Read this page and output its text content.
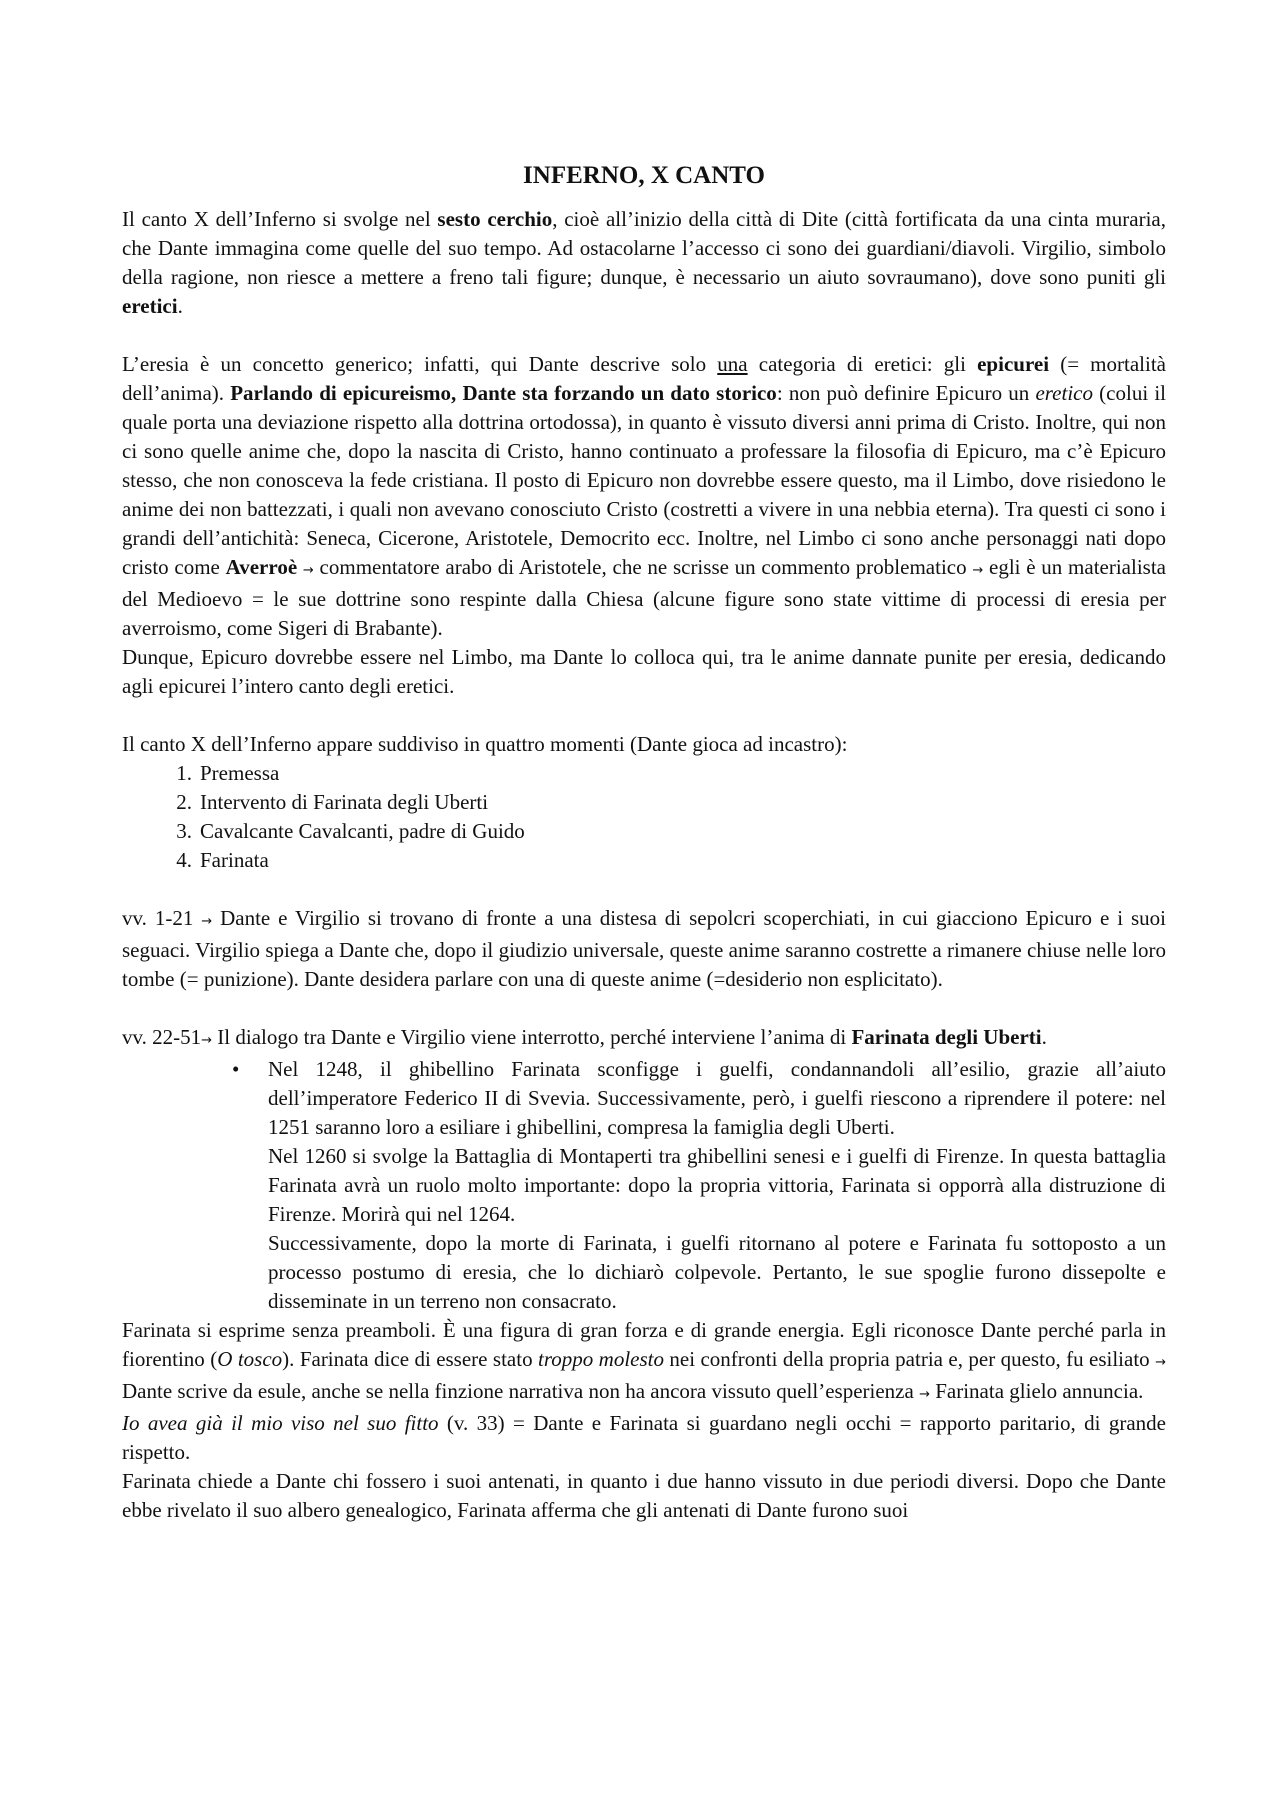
INFERNO, X CANTO

Il canto X dell’Inferno si svolge nel sesto cerchio, cioè all’inizio della città di Dite (città fortificata da una cinta muraria, che Dante immagina come quelle del suo tempo. Ad ostacolarne l’accesso ci sono dei guardiani/diavoli. Virgilio, simbolo della ragione, non riesce a mettere a freno tali figure; dunque, è necessario un aiuto sovraumano), dove sono puniti gli eretici.

L’eresia è un concetto generico; infatti, qui Dante descrive solo una categoria di eretici: gli epicurei (= mortalità dell’anima). Parlando di epicureismo, Dante sta forzando un dato storico: non può definire Epicuro un eretico (colui il quale porta una deviazione rispetto alla dottrina ortodossa), in quanto è vissuto diversi anni prima di Cristo. Inoltre, qui non ci sono quelle anime che, dopo la nascita di Cristo, hanno continuato a professare la filosofia di Epicuro, ma c’è Epicuro stesso, che non conosceva la fede cristiana. Il posto di Epicuro non dovrebbe essere questo, ma il Limbo, dove risiedono le anime dei non battezzati, i quali non avevano conosciuto Cristo (costretti a vivere in una nebbia eterna). Tra questi ci sono i grandi dell’antichità: Seneca, Cicerone, Aristotele, Democrito ecc. Inoltre, nel Limbo ci sono anche personaggi nati dopo cristo come Averroè → commentatore arabo di Aristotele, che ne scrisse un commento problematico → egli è un materialista del Medioevo = le sue dottrine sono respinte dalla Chiesa (alcune figure sono state vittime di processi di eresia per averroismo, come Sigeri di Brabante).

Dunque, Epicuro dovrebbe essere nel Limbo, ma Dante lo colloca qui, tra le anime dannate punite per eresia, dedicando agli epicurei l’intero canto degli eretici.

Il canto X dell’Inferno appare suddiviso in quattro momenti (Dante gioca ad incastro):

1. Premessa
2. Intervento di Farinata degli Uberti
3. Cavalcante Cavalcanti, padre di Guido
4. Farinata

vv. 1-21 → Dante e Virgilio si trovano di fronte a una distesa di sepolcri scoperchiati, in cui giacciono Epicuro e i suoi seguaci. Virgilio spiega a Dante che, dopo il giudizio universale, queste anime saranno costrette a rimanere chiuse nelle loro tombe (= punizione). Dante desidera parlare con una di queste anime (=desiderio non esplicitato).

vv. 22-51→ Il dialogo tra Dante e Virgilio viene interrotto, perché interviene l’anima di Farinata degli Uberti.

• Nel 1248, il ghibellino Farinata sconfigge i guelfi, condannandoli all’esilio, grazie all’aiuto dell’imperatore Federico II di Svevia. Successivamente, però, i guelfi riescono a riprendere il potere: nel 1251 saranno loro a esiliare i ghibellini, compresa la famiglia degli Uberti.

Nel 1260 si svolge la Battaglia di Montaperti tra ghibellini senesi e i guelfi di Firenze. In questa battaglia Farinata avrà un ruolo molto importante: dopo la propria vittoria, Farinata si opporrà alla distruzione di Firenze. Morirà qui nel 1264.

Successivamente, dopo la morte di Farinata, i guelfi ritornano al potere e Farinata fu sottoposto a un processo postumo di eresia, che lo dichiarò colpevole. Pertanto, le sue spoglie furono dissepolte e disseminate in un terreno non consacrato.

Farinata si esprime senza preamboli. È una figura di gran forza e di grande energia. Egli riconosce Dante perché parla in fiorentino (O tosco). Farinata dice di essere stato troppo molesto nei confronti della propria patria e, per questo, fu esiliato → Dante scrive da esule, anche se nella finzione narrativa non ha ancora vissuto quell’esperienza → Farinata glielo annuncia.

Io avea già il mio viso nel suo fitto (v. 33) = Dante e Farinata si guardano negli occhi = rapporto paritario, di grande rispetto.

Farinata chiede a Dante chi fossero i suoi antenati, in quanto i due hanno vissuto in due periodi diversi. Dopo che Dante ebbe rivelato il suo albero genealogico, Farinata afferma che gli antenati di Dante furono suoi
